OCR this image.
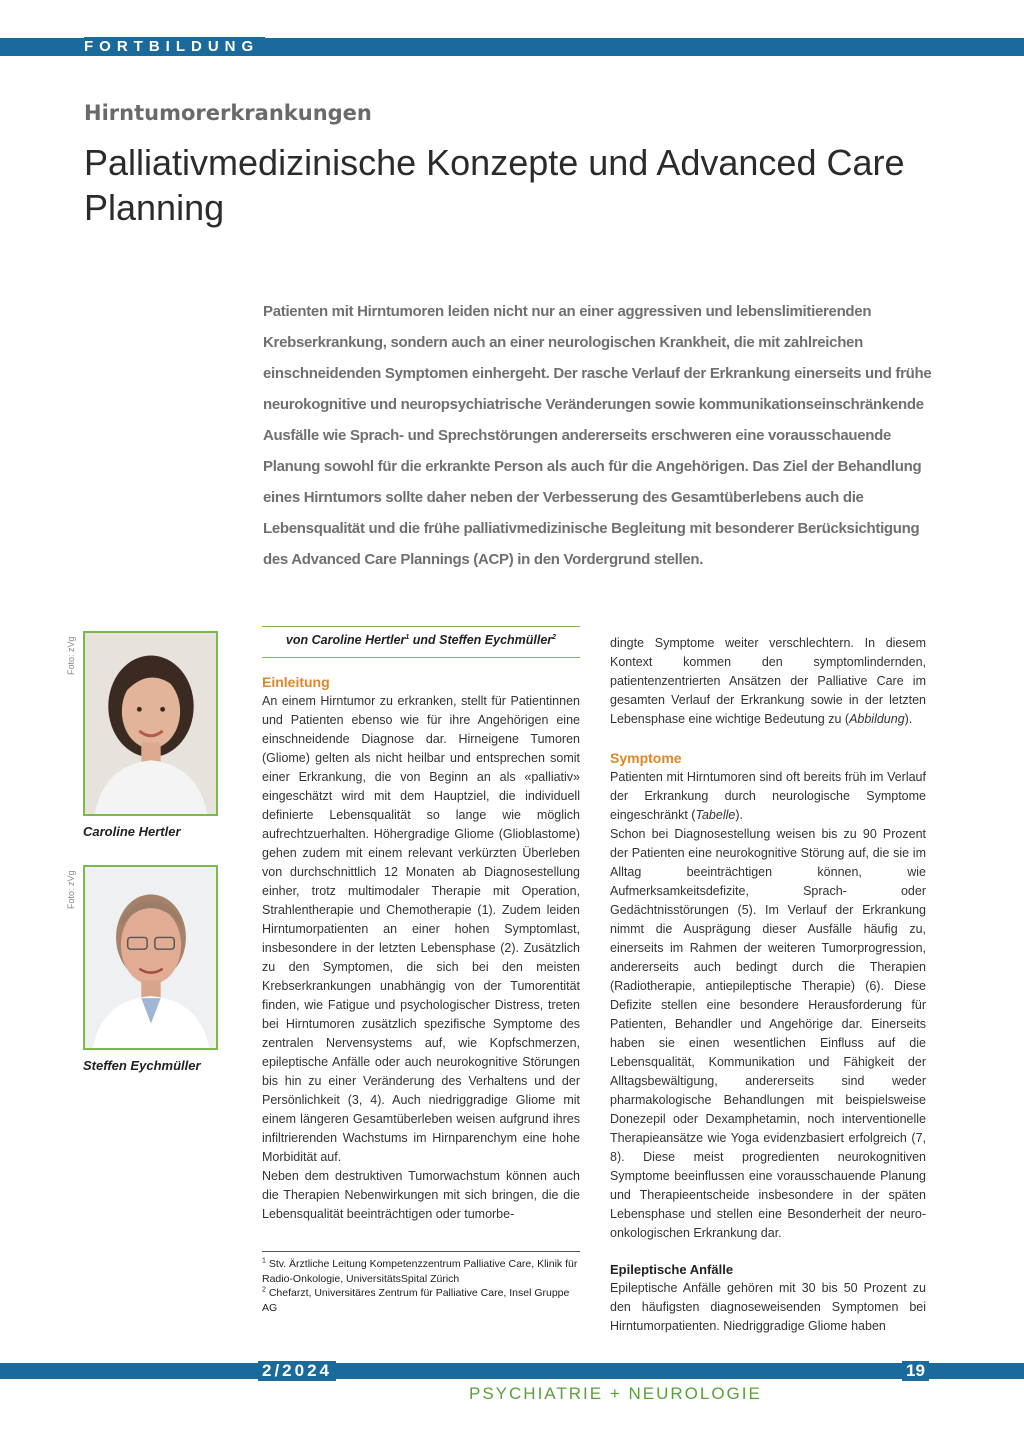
FORTBILDUNG
Hirntumorerkrankungen
Palliativmedizinische Konzepte und Advanced Care Planning

Patienten mit Hirntumoren leiden nicht nur an einer aggressiven und lebenslimitierenden Krebserkrankung, sondern auch an einer neurologischen Krankheit, die mit zahlreichen einschneidenden Symptomen einhergeht. Der rasche Verlauf der Erkrankung einerseits und frühe neurokognitive und neuropsychiatrische Veränderungen sowie kommunikationseinschränkende Ausfälle wie Sprach- und Sprechstörungen andererseits erschweren eine vorausschauende Planung sowohl für die erkrankte Person als auch für die Angehörigen. Das Ziel der Behandlung eines Hirntumors sollte daher neben der Verbesserung des Gesamtüberlebens auch die Lebensqualität und die frühe palliativmedizinische Begleitung mit besonderer Berücksichtigung des Advanced Care Plannings (ACP) in den Vordergrund stellen.

Foto: zVg
Caroline Hertler
Foto: zVg
Steffen Eychmüller
von Caroline Hertler$^1$ und Steffen Eychmüller$^2$

Einleitung

An einem Hirntumor zu erkranken, stellt für Patientinnen und Patienten ebenso wie für ihre Angehörigen eine einschneidende Diagnose dar. Hirneigene Tumoren (Gliome) gelten als nicht heilbar und entsprechen somit einer Erkrankung, die von Beginn an als «palliativ» eingeschätzt wird mit dem Hauptziel, die individuell definierte Lebensqualität so lange wie möglich aufrechtzuerhalten. Höhergradige Gliome (Glioblastome) gehen zudem mit einem relevant verkürzten Überleben von durchschnittlich 12 Monaten ab Diagnosestellung einher, trotz multimodaler Therapie mit Operation, Strahlentherapie und Chemotherapie (1). Zudem leiden Hirntumorpatienten an einer hohen Symptomlast, insbesondere in der letzten Lebensphase (2). Zusätzlich zu den Symptomen, die sich bei den meisten Krebserkrankungen unabhängig von der Tumorentität finden, wie Fatigue und psychologischer Distress, treten bei Hirntumoren zusätzlich spezifische Symptome des zentralen Nervensystems auf, wie Kopfschmerzen, epileptische Anfälle oder auch neurokognitive Störungen bis hin zu einer Veränderung des Verhaltens und der Persönlichkeit (3, 4). Auch niedriggradige Gliome mit einem längeren Gesamtüberleben weisen aufgrund ihres infiltrierenden Wachstums im Hirnparenchym eine hohe Morbidität auf.

Neben dem destruktiven Tumorwachstum können auch die Therapien Nebenwirkungen mit sich bringen, die die Lebensqualität beeinträchtigen oder tumorbe-

dingte Symptome weiter verschlechtern. In diesem Kontext kommen den symptomlindernden, patientenzentrierten Ansätzen der Palliative Care im gesamten Verlauf der Erkrankung sowie in der letzten Lebensphase eine wichtige Bedeutung zu (Abbildung).

Symptome

Patienten mit Hirntumoren sind oft bereits früh im Verlauf der Erkrankung durch neurologische Symptome eingeschränkt (Tabelle).

Schon bei Diagnosestellung weisen bis zu 90 Prozent der Patienten eine neurokognitive Störung auf, die sie im Alltag beeinträchtigen können, wie Aufmerksamkeitsdefizite, Sprach- oder Gedächtnisstörungen (5). Im Verlauf der Erkrankung nimmt die Ausprägung dieser Ausfälle häufig zu, einerseits im Rahmen der weiteren Tumorprogression, andererseits auch bedingt durch die Therapien (Radiotherapie, antiepileptische Therapie) (6). Diese Defizite stellen eine besondere Herausforderung für Patienten, Behandler und Angehörige dar. Einerseits haben sie einen wesentlichen Einfluss auf die Lebensqualität, Kommunikation und Fähigkeit der Alltagsbewältigung, andererseits sind weder pharmakologische Behandlungen mit beispielsweise Donezepil oder Dexamphetamin, noch interventionelle Therapieansätze wie Yoga evidenzbasiert erfolgreich (7, 8). Diese meist progredienten neurokognitiven Symptome beeinflussen eine vorausschauende Planung und Therapieentscheide insbesondere in der späten Lebensphase und stellen eine Besonderheit der neuro-onkologischen Erkrankung dar.

Epileptische Anfälle

Epileptische Anfälle gehören mit 30 bis 50 Prozent zu den häufigsten diagnoseweisenden Symptomen bei Hirntumorpatienten. Niedriggradige Gliome haben

$^1$ Stv. Ärztliche Leitung Kompetenzzentrum Palliative Care, Klinik für Radio-Onkologie, UniversitätsSpital Zürich

$^2$ Chefarzt, Universitäres Zentrum für Palliative Care, Insel Gruppe AG

2/2024	19
PSYCHIATRIE + NEUROLOGIE
